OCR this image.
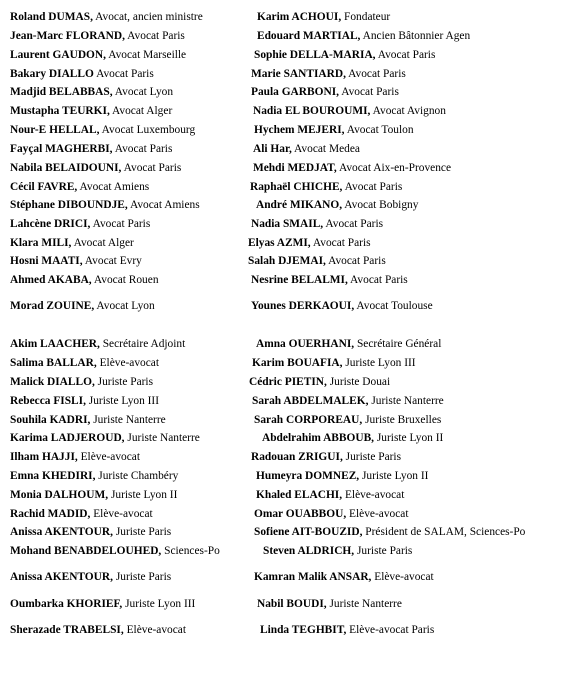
Roland DUMAS, Avocat, ancien ministre	Karim ACHOUI, Fondateur
Jean-Marc FLORAND, Avocat Paris	Edouard MARTIAL, Ancien Bâtonnier Agen
Laurent GAUDON, Avocat Marseille	Sophie DELLA-MARIA, Avocat Paris
Bakary DIALLO Avocat Paris	Marie SANTIARD, Avocat Paris
Madjid BELABBAS, Avocat Lyon	Paula GARBONI, Avocat Paris
Mustapha TEURKI, Avocat Alger	Nadia EL BOUROUMI, Avocat Avignon
Nour-E HELLAL, Avocat Luxembourg	Hychem MEJERI, Avocat Toulon
Fayçal MAGHERBI, Avocat Paris	Ali Har, Avocat Medea
Nabila BELAIDOUNI, Avocat Paris	Mehdi MEDJAT, Avocat Aix-en-Provence
Cécil FAVRE, Avocat Amiens	Raphaël CHICHE, Avocat Paris
Stéphane DIBOUNDJE, Avocat Amiens	André MIKANO, Avocat Bobigny
Lahcène DRICI, Avocat Paris	Nadia SMAIL, Avocat Paris
Klara MILI, Avocat Alger	Elyas AZMI, Avocat Paris
Hosni MAATI, Avocat Evry	Salah DJEMAI, Avocat Paris
Ahmed AKABA, Avocat Rouen	Nesrine BELALMI, Avocat Paris
Morad ZOUINE, Avocat Lyon	Younes DERKAOUI, Avocat Toulouse
Akim LAACHER, Secrétaire Adjoint	Amna OUERHANI, Secrétaire Général
Salima BALLAR, Elève-avocat	Karim BOUAFIA, Juriste Lyon III
Malick DIALLO, Juriste Paris	Cédric PIETIN, Juriste Douai
Rebecca FISLI, Juriste Lyon III	Sarah ABDELMALEK, Juriste Nanterre
Souhila KADRI, Juriste Nanterre	Sarah CORPOREAU, Juriste Bruxelles
Karima LADJEROUD, Juriste Nanterre	Abdelrahim ABBOUB, Juriste Lyon II
Ilham HAJJI, Elève-avocat	Radouan ZRIGUI, Juriste Paris
Emna KHEDIRI, Juriste Chambéry	Humeyra DOMNEZ, Juriste Lyon II
Monia DALHOUM, Juriste Lyon II	Khaled ELACHI, Elève-avocat
Rachid MADID, Elève-avocat	Omar OUABBOU, Elève-avocat
Anissa AKENTOUR, Juriste Paris	Sofiene AIT-BOUZID, Président de SALAM, Sciences-Po
Mohand BENABDELOUHED, Sciences-Po	Steven ALDRICH, Juriste Paris
Anissa AKENTOUR, Juriste Paris	Kamran Malik ANSAR, Elève-avocat
Oumbarka KHORIEF, Juriste Lyon III	Nabil BOUDI, Juriste Nanterre
Sherazade TRABELSI, Elève-avocat	Linda TEGHBIT, Elève-avocat Paris
